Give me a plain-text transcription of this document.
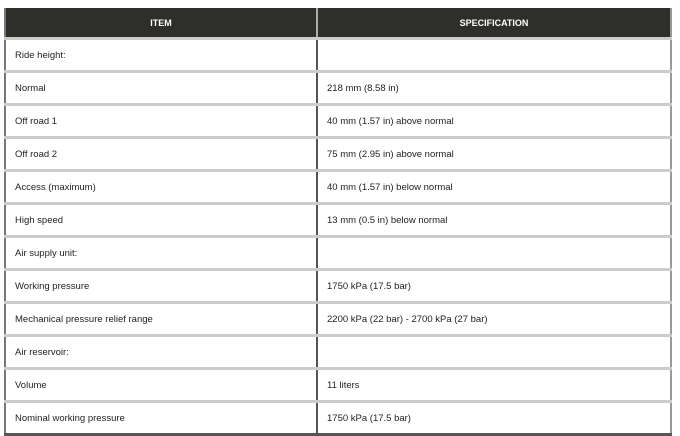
ITEM	SPECIFICATION
Ride height:	
Normal	218 mm (8.58 in)
Off road 1	40 mm (1.57 in) above normal
Off road 2	75 mm (2.95 in) above normal
Access (maximum)	40 mm (1.57 in) below normal
High speed	13 mm (0.5 in) below normal
Air supply unit:	
Working pressure	1750 kPa (17.5 bar)
Mechanical pressure relief range	2200 kPa (22 bar) - 2700 kPa (27 bar)
Air reservoir:	
Volume	11 liters
Nominal working pressure	1750 kPa (17.5 bar)
